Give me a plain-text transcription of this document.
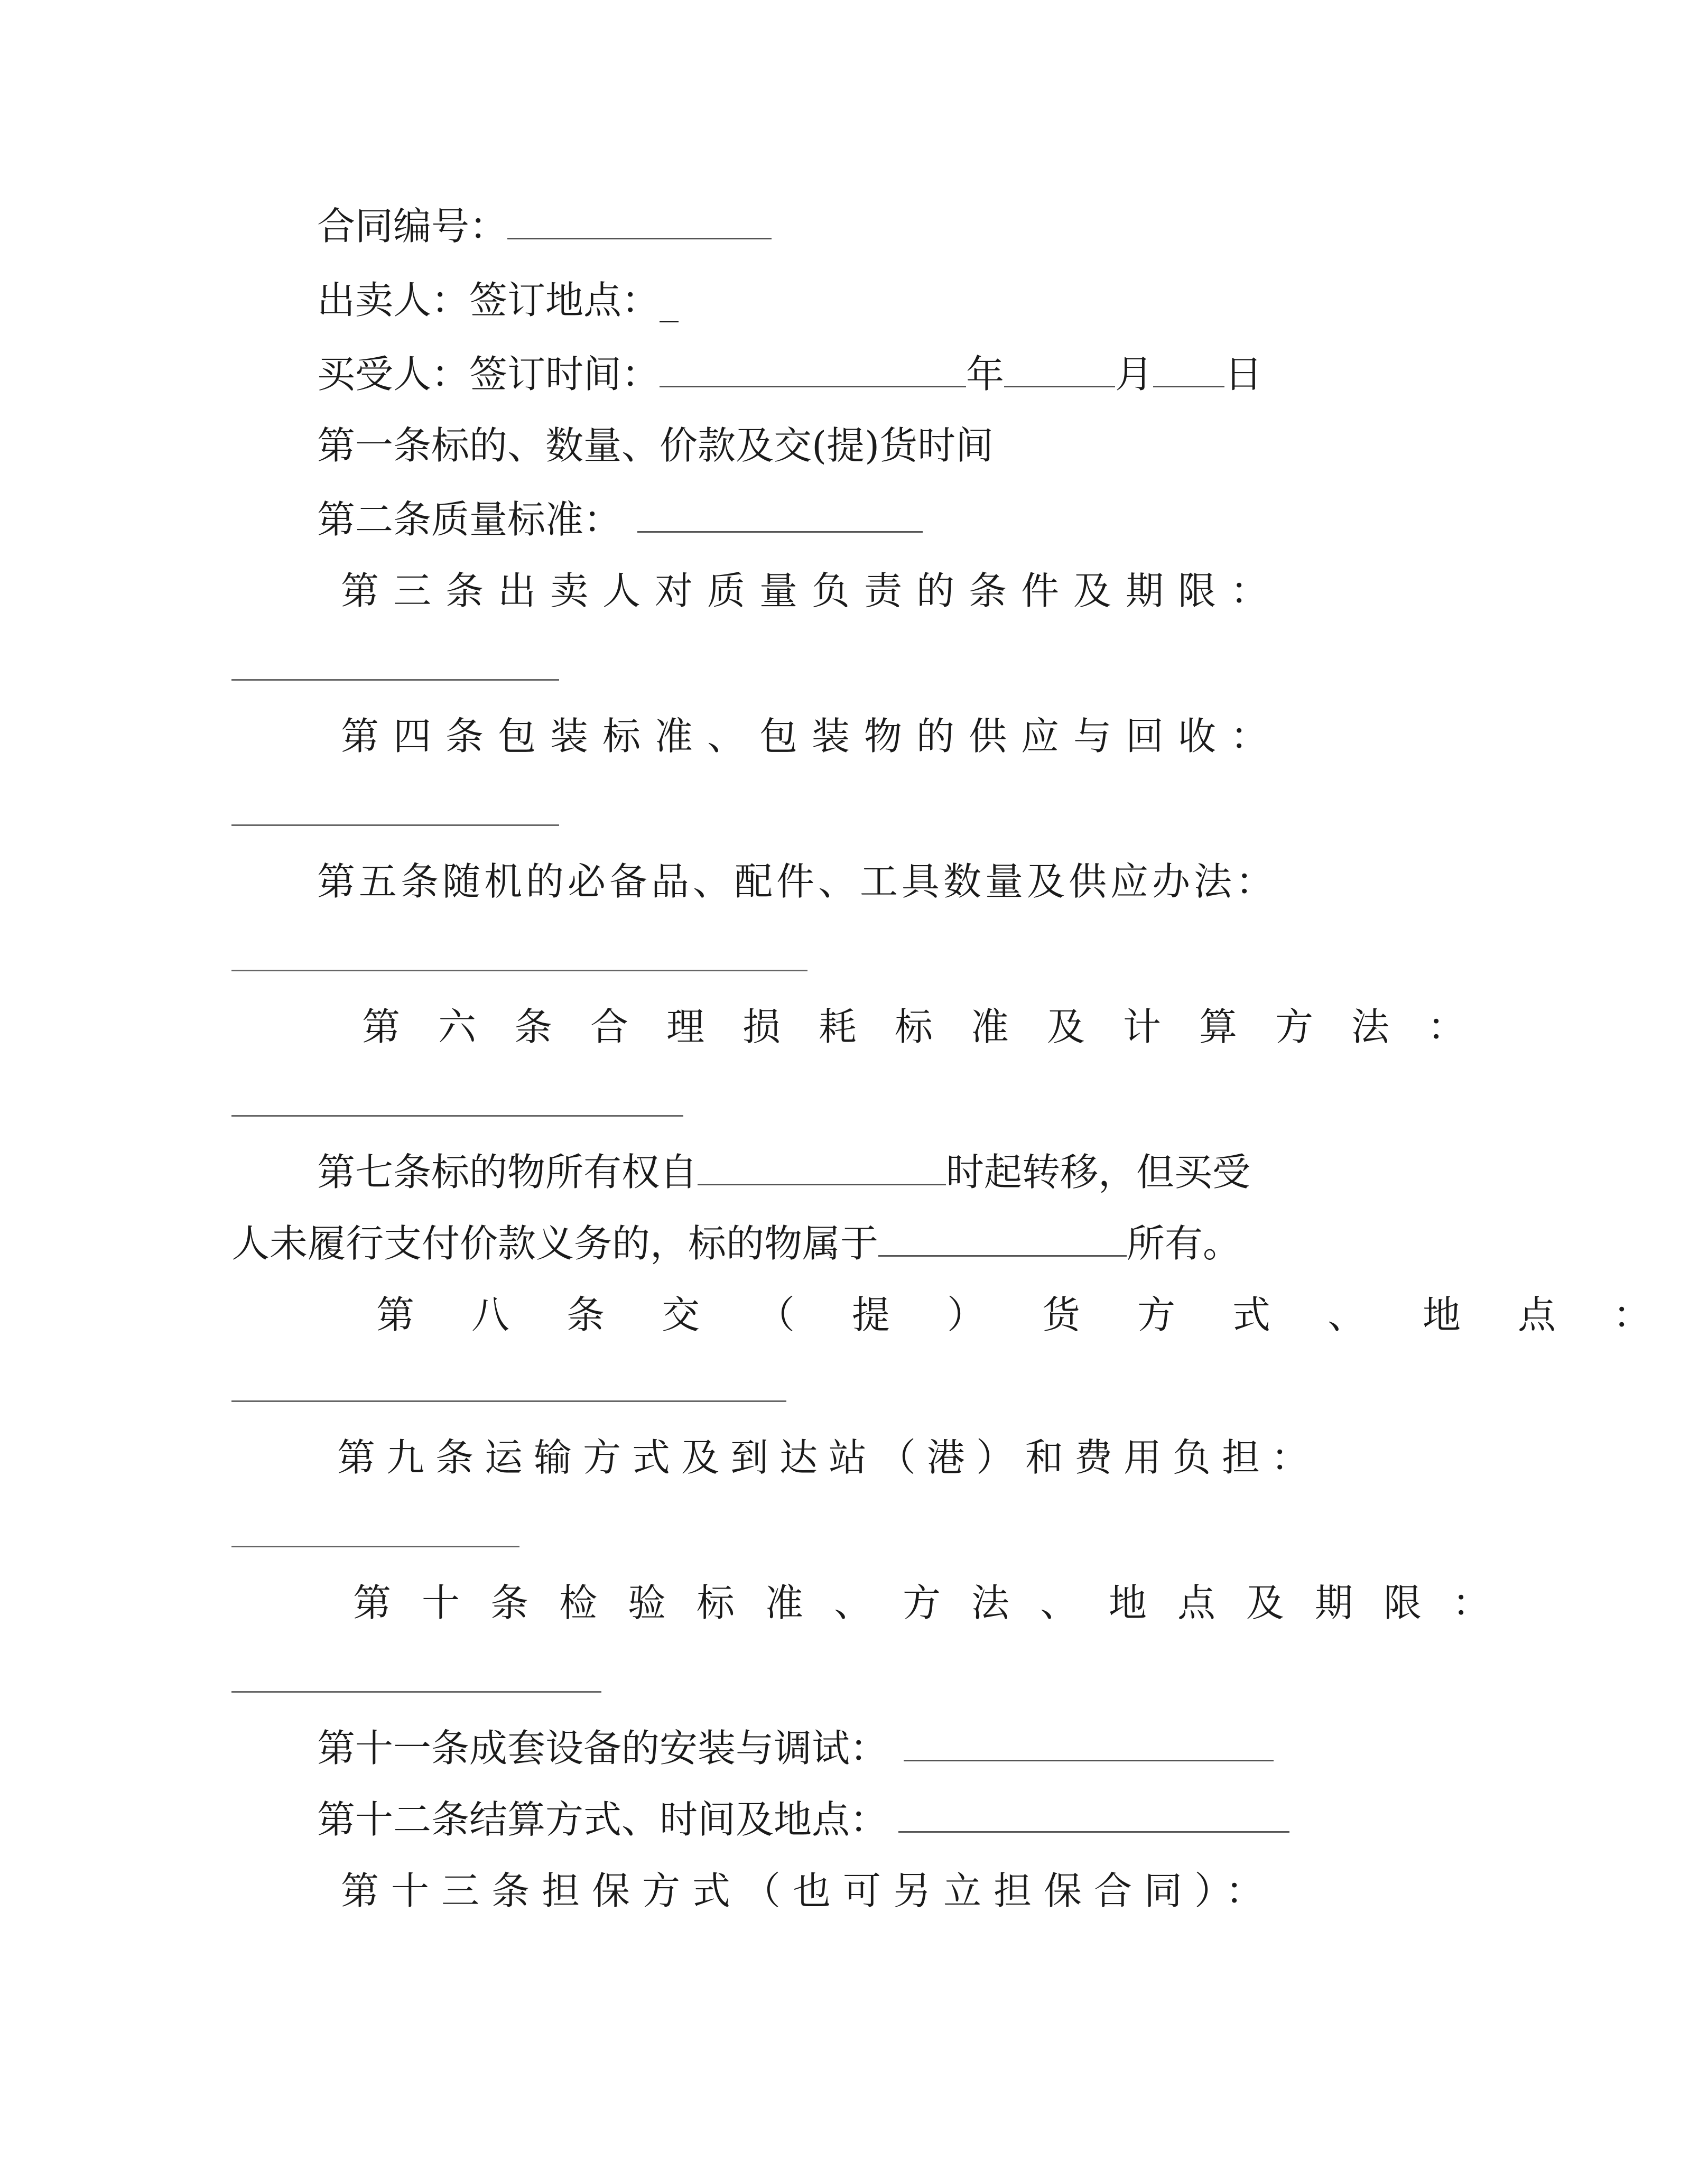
合同编号：
出卖人：签订地点：_
买受人：签订时间：	年	月 日
第一条标的、数量、价款及交(提)货时间
第二条质量标准：
第三条出卖人对质量负责的条件及期限：
第四条包装标准、包装物的供应与回收：
第五条随机的必备品、配件、工具数量及供应办法：
第六条合理损耗标准及计算方法：
第七条标的物所有权自	时起转移，但买受
人未履行支付价款义务的，标的物属于	所有。
第八条交（提）货方式、地点：
第九条运输方式及到达站（港）和费用负担：
第十条检验标准、方法、地点及期限：
第十一条成套设备的安装与调试：
第十二条结算方式、时间及地点：
第十三条担保方式（也可另立担保合同）：
